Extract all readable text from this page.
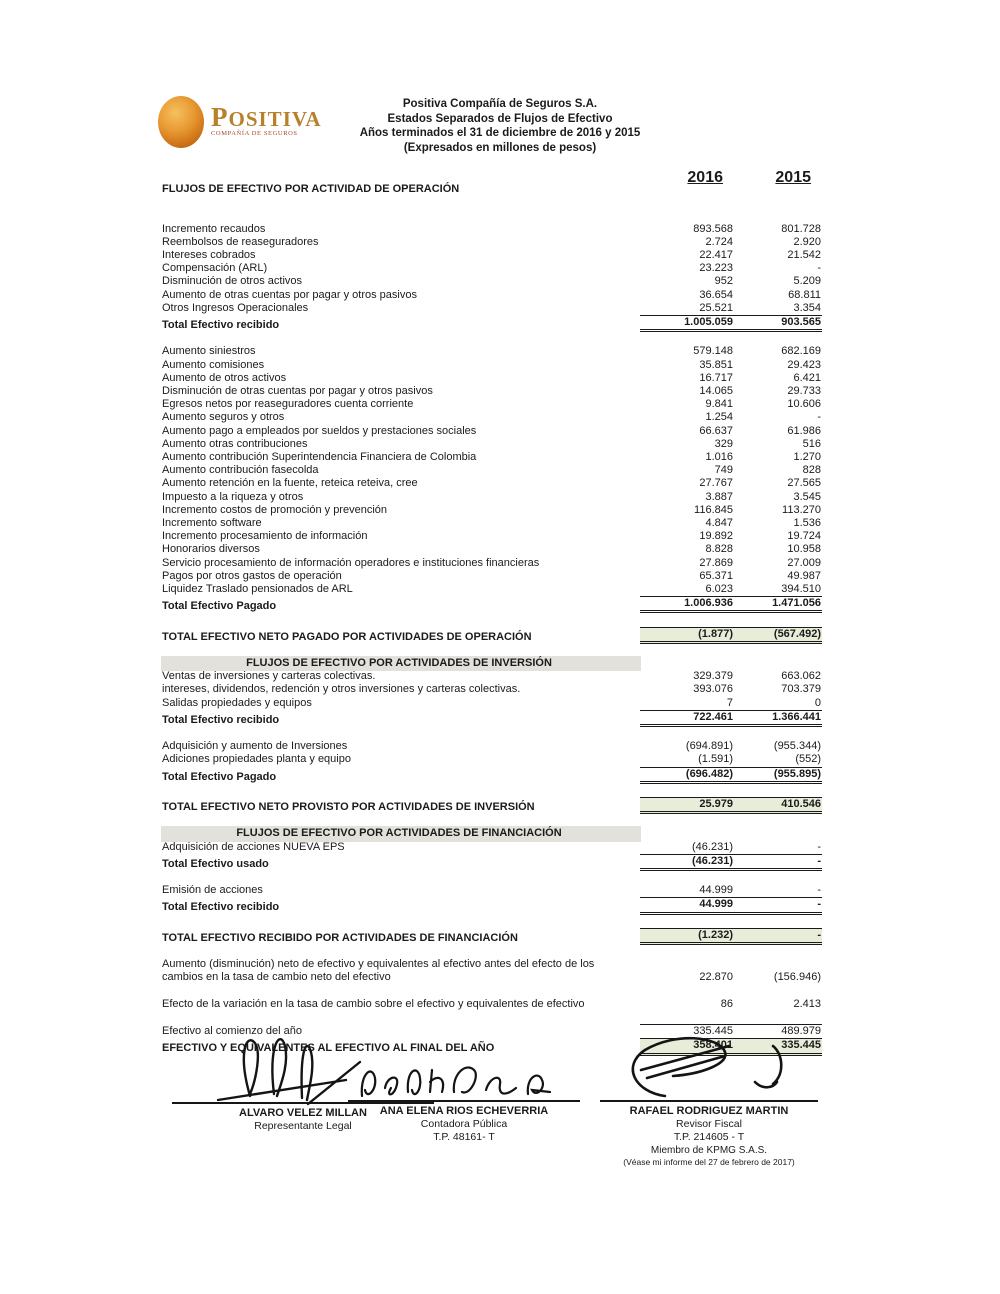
POSITIVA
COMPAÑÍA DE SEGUROS
Positiva Compañía de Seguros S.A.
Estados Separados de Flujos de Efectivo
Años terminados el 31 de diciembre de 2016 y 2015
(Expresados en millones de pesos)
2016	2015
FLUJOS DE EFECTIVO POR ACTIVIDAD DE OPERACIÓN
Incremento recaudos	893.568	801.728
Reembolsos de reaseguradores	2.724	2.920
Intereses cobrados	22.417	21.542
Compensación (ARL)	23.223	-
Disminución de otros activos	952	5.209
Aumento de otras cuentas por pagar y otros pasivos	36.654	68.811
Otros Ingresos Operacionales	25.521	3.354
Total Efectivo recibido	1.005.059	903.565
Aumento siniestros	579.148	682.169
Aumento comisiones	35.851	29.423
Aumento de otros activos	16.717	6.421
Disminución de otras cuentas por pagar y otros pasivos	14.065	29.733
Egresos netos por reaseguradores cuenta corriente	9.841	10.606
Aumento seguros y otros	1.254	-
Aumento pago a empleados por sueldos y prestaciones sociales	66.637	61.986
Aumento otras contribuciones	329	516
Aumento contribución Superintendencia Financiera de Colombia	1.016	1.270
Aumento contribución fasecolda	749	828
Aumento retención en la fuente, reteica reteiva, cree	27.767	27.565
Impuesto a la riqueza y otros	3.887	3.545
Incremento costos de promoción y prevención	116.845	113.270
Incremento software	4.847	1.536
Incremento procesamiento de información	19.892	19.724
Honorarios diversos	8.828	10.958
Servicio procesamiento de información operadores e instituciones financieras	27.869	27.009
Pagos por otros gastos de operación	65.371	49.987
Liquidez Traslado pensionados de ARL	6.023	394.510
Total Efectivo Pagado	1.006.936	1.471.056
TOTAL EFECTIVO NETO PAGADO POR ACTIVIDADES DE OPERACIÓN	(1.877)	(567.492)
FLUJOS DE EFECTIVO POR ACTIVIDADES DE INVERSIÓN
Ventas de inversiones y carteras colectivas.	329.379	663.062
intereses, dividendos, redención y otros inversiones y carteras colectivas.	393.076	703.379
Salidas propiedades y equipos	7	0
Total Efectivo recibido	722.461	1.366.441
Adquisición y aumento de Inversiones	(694.891)	(955.344)
Adiciones propiedades planta y equipo	(1.591)	(552)
Total Efectivo Pagado	(696.482)	(955.895)
TOTAL EFECTIVO NETO PROVISTO POR ACTIVIDADES DE INVERSIÓN	25.979	410.546
FLUJOS DE EFECTIVO POR ACTIVIDADES DE FINANCIACIÓN
Adquisición de acciones NUEVA EPS	(46.231)	-
Total Efectivo usado	(46.231)	-
Emisión de acciones	44.999	-
Total Efectivo recibido	44.999	-
TOTAL EFECTIVO RECIBIDO POR ACTIVIDADES DE FINANCIACIÓN	(1.232)	-
Aumento (disminución) neto de efectivo y equivalentes al efectivo antes del efecto de los cambios en la tasa de cambio neto del efectivo	22.870	(156.946)
Efecto de la variación en la tasa de cambio sobre el efectivo y equivalentes de efectivo	86	2.413
Efectivo al comienzo del año	335.445	489.979
EFECTIVO Y EQUIVALENTES AL EFECTIVO AL FINAL DEL AÑO	358.401	335.445
ALVARO VELEZ MILLAN
Representante Legal
ANA ELENA RIOS ECHEVERRIA
Contadora Pública
T.P. 48161- T
RAFAEL RODRIGUEZ MARTIN
Revisor Fiscal
T.P. 214605 - T
Miembro de KPMG S.A.S.
(Véase mi informe del 27 de febrero de 2017)
